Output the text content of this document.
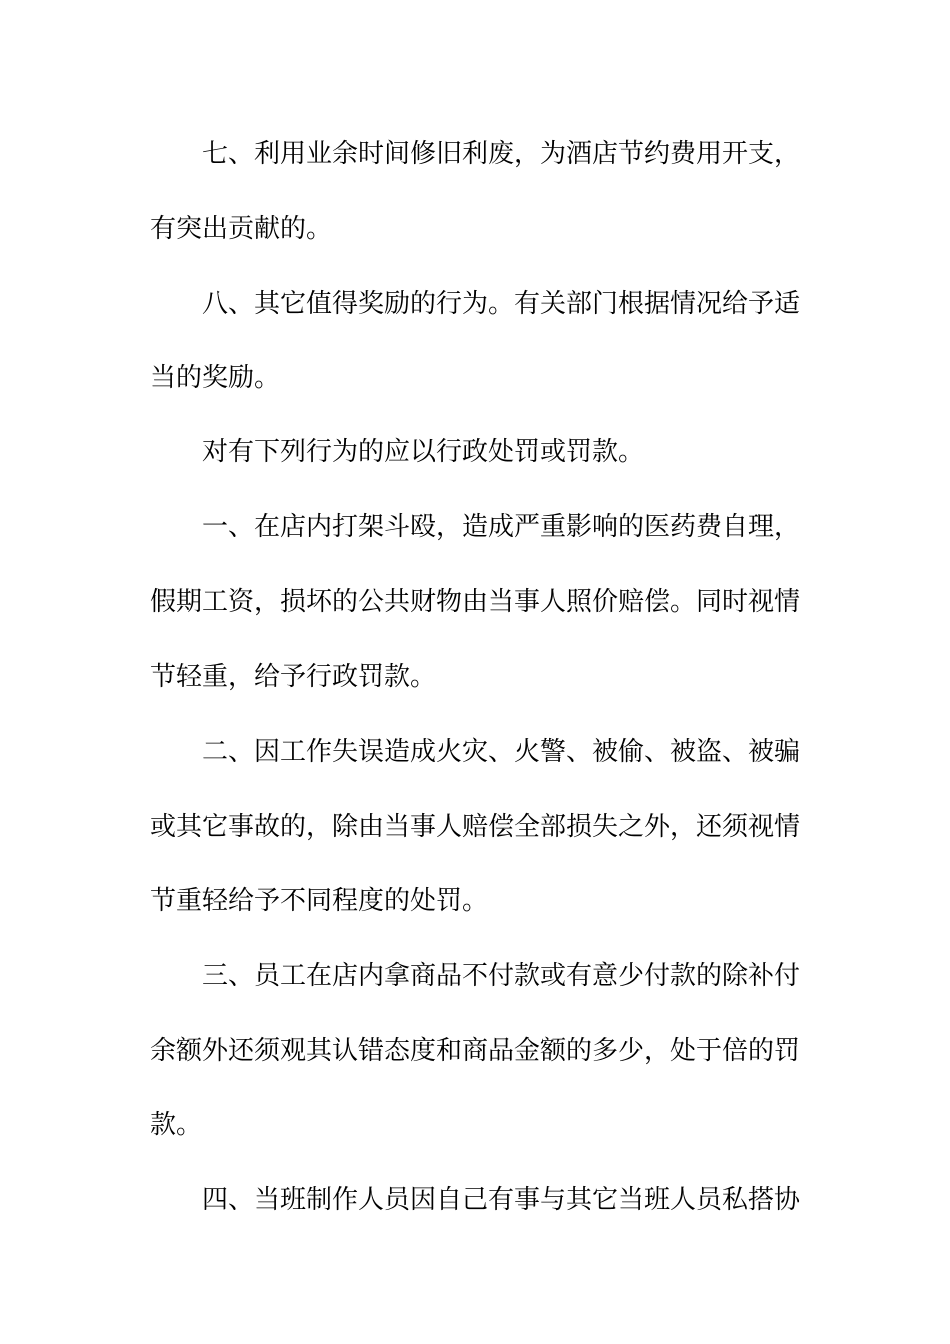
七、利用业余时间修旧利废，为酒店节约费用开支，
有突出贡献的。
八、其它值得奖励的行为。有关部门根据情况给予适
当的奖励。
对有下列行为的应以行政处罚或罚款。
一、在店内打架斗殴，造成严重影响的医药费自理，
假期工资，损坏的公共财物由当事人照价赔偿。同时视情
节轻重，给予行政罚款。
二、因工作失误造成火灾、火警、被偷、被盗、被骗
或其它事故的，除由当事人赔偿全部损失之外，还须视情
节重轻给予不同程度的处罚。
三、员工在店内拿商品不付款或有意少付款的除补付
余额外还须观其认错态度和商品金额的多少，处于倍的罚
款。
四、当班制作人员因自己有事与其它当班人员私搭协
